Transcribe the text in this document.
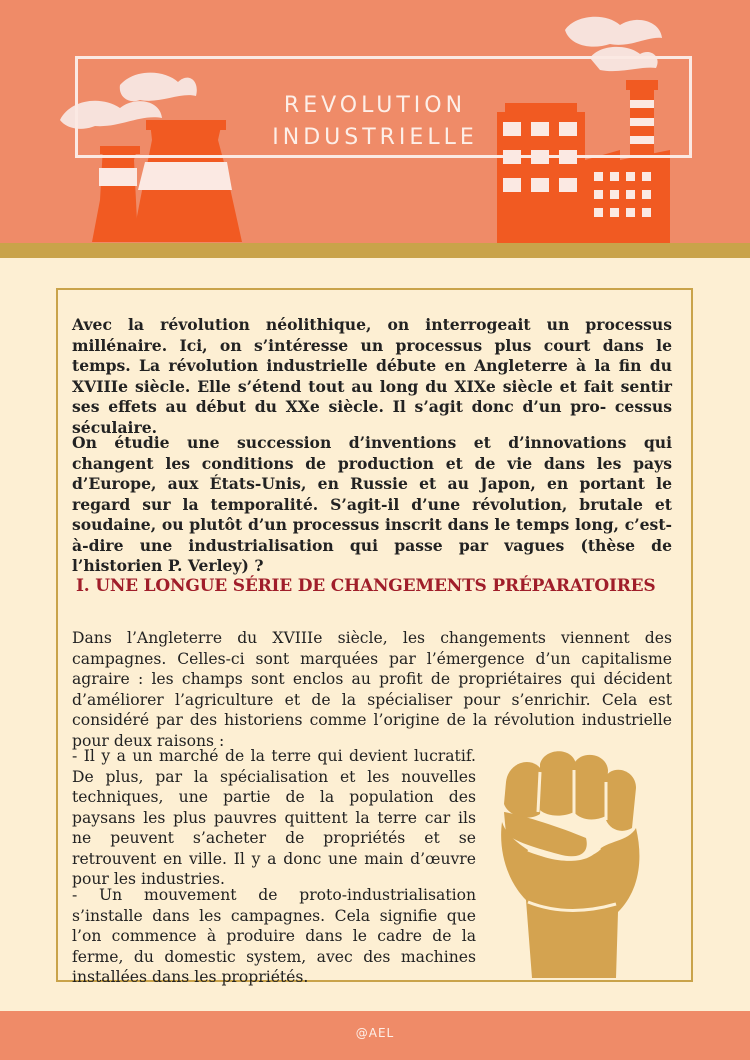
REVOLUTION
INDUSTRIELLE

Avec la révolution néolithique, on interrogeait un processus millénaire. Ici, on s’intéresse un processus plus court dans le temps. La révolution industrielle débute en Angleterre à la fin du XVIIIe siècle. Elle s’étend tout au long du XIXe siècle et fait sentir ses effets au début du XXe siècle. Il s’agit donc d’un pro- cessus séculaire.

On étudie une succession d’inventions et d’innovations qui changent les conditions de production et de vie dans les pays d’Europe, aux États-Unis, en Russie et au Japon, en portant le regard sur la temporalité. S’agit-il d’une révolution, brutale et soudaine, ou plutôt d’un processus inscrit dans le temps long, c’est-à-dire une industrialisation qui passe par vagues (thèse de l’historien P. Verley) ?

I. UNE LONGUE SÉRIE DE CHANGEMENTS PRÉPARATOIRES

Dans l’Angleterre du XVIIIe siècle, les changements viennent des campagnes. Celles-ci sont marquées par l’émergence d’un capitalisme agraire : les champs sont enclos au profit de propriétaires qui décident d’améliorer l’agriculture et de la spécialiser pour s’enrichir. Cela est considéré par des historiens comme l’origine de la révolution industrielle pour deux raisons :

- Il y a un marché de la terre qui devient lucratif. De plus, par la spécialisation et les nouvelles techniques, une partie de la population des paysans les plus pauvres quittent la terre car ils ne peuvent s’acheter de propriétés et se retrouvent en ville. Il y a donc une main d’œuvre pour les industries.

- Un mouvement de proto-industrialisation s’installe dans les campagnes. Cela signifie que l’on commence à produire dans le cadre de la ferme, du domestic system, avec des machines installées dans les propriétés.

@AEL
